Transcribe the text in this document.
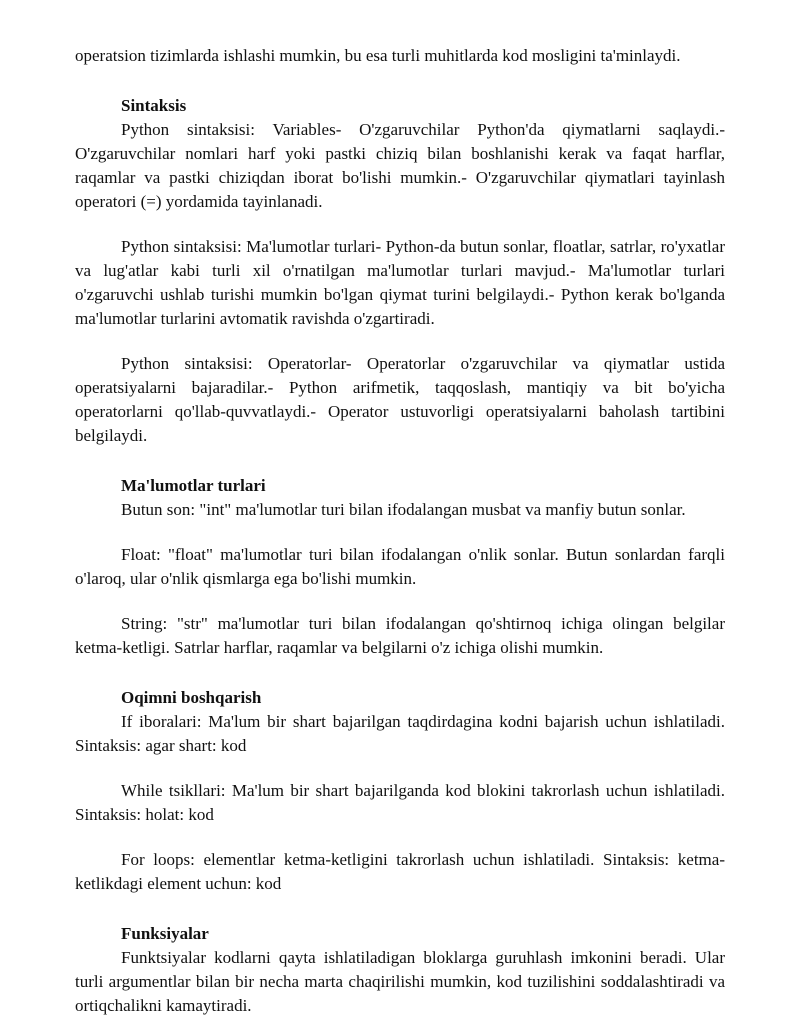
operatsion tizimlarda ishlashi mumkin, bu esa turli muhitlarda kod mosligini ta'minlaydi.

Sintaksis

Python sintaksisi: Variables- O'zgaruvchilar Python'da qiymatlarni saqlaydi.- O'zgaruvchilar nomlari harf yoki pastki chiziq bilan boshlanishi kerak va faqat harflar, raqamlar va pastki chiziqdan iborat bo'lishi mumkin.- O'zgaruvchilar qiymatlari tayinlash operatori (=) yordamida tayinlanadi.

Python sintaksisi: Ma'lumotlar turlari- Python-da butun sonlar, floatlar, satrlar, ro'yxatlar va lug'atlar kabi turli xil o'rnatilgan ma'lumotlar turlari mavjud.- Ma'lumotlar turlari o'zgaruvchi ushlab turishi mumkin bo'lgan qiymat turini belgilaydi.- Python kerak bo'lganda ma'lumotlar turlarini avtomatik ravishda o'zgartiradi.

Python sintaksisi: Operatorlar- Operatorlar o'zgaruvchilar va qiymatlar ustida operatsiyalarni bajaradilar.- Python arifmetik, taqqoslash, mantiqiy va bit bo'yicha operatorlarni qo'llab-quvvatlaydi.- Operator ustuvorligi operatsiyalarni baholash tartibini belgilaydi.

Ma'lumotlar turlari

Butun son: "int" ma'lumotlar turi bilan ifodalangan musbat va manfiy butun sonlar.

Float: "float" ma'lumotlar turi bilan ifodalangan o'nlik sonlar. Butun sonlardan farqli o'laroq, ular o'nlik qismlarga ega bo'lishi mumkin.

String: "str" ma'lumotlar turi bilan ifodalangan qo'shtirnoq ichiga olingan belgilar ketma-ketligi. Satrlar harflar, raqamlar va belgilarni o'z ichiga olishi mumkin.

Oqimni boshqarish

If iboralari: Ma'lum bir shart bajarilgan taqdirdagina kodni bajarish uchun ishlatiladi. Sintaksis: agar shart: kod

While tsikllari: Ma'lum bir shart bajarilganda kod blokini takrorlash uchun ishlatiladi. Sintaksis: holat: kod

For loops: elementlar ketma-ketligini takrorlash uchun ishlatiladi. Sintaksis: ketma-ketlikdagi element uchun: kod

Funksiyalar

Funktsiyalar kodlarni qayta ishlatiladigan bloklarga guruhlash imkonini beradi. Ular turli argumentlar bilan bir necha marta chaqirilishi mumkin, kod tuzilishini soddalashtiradi va ortiqchalikni kamaytiradi.
